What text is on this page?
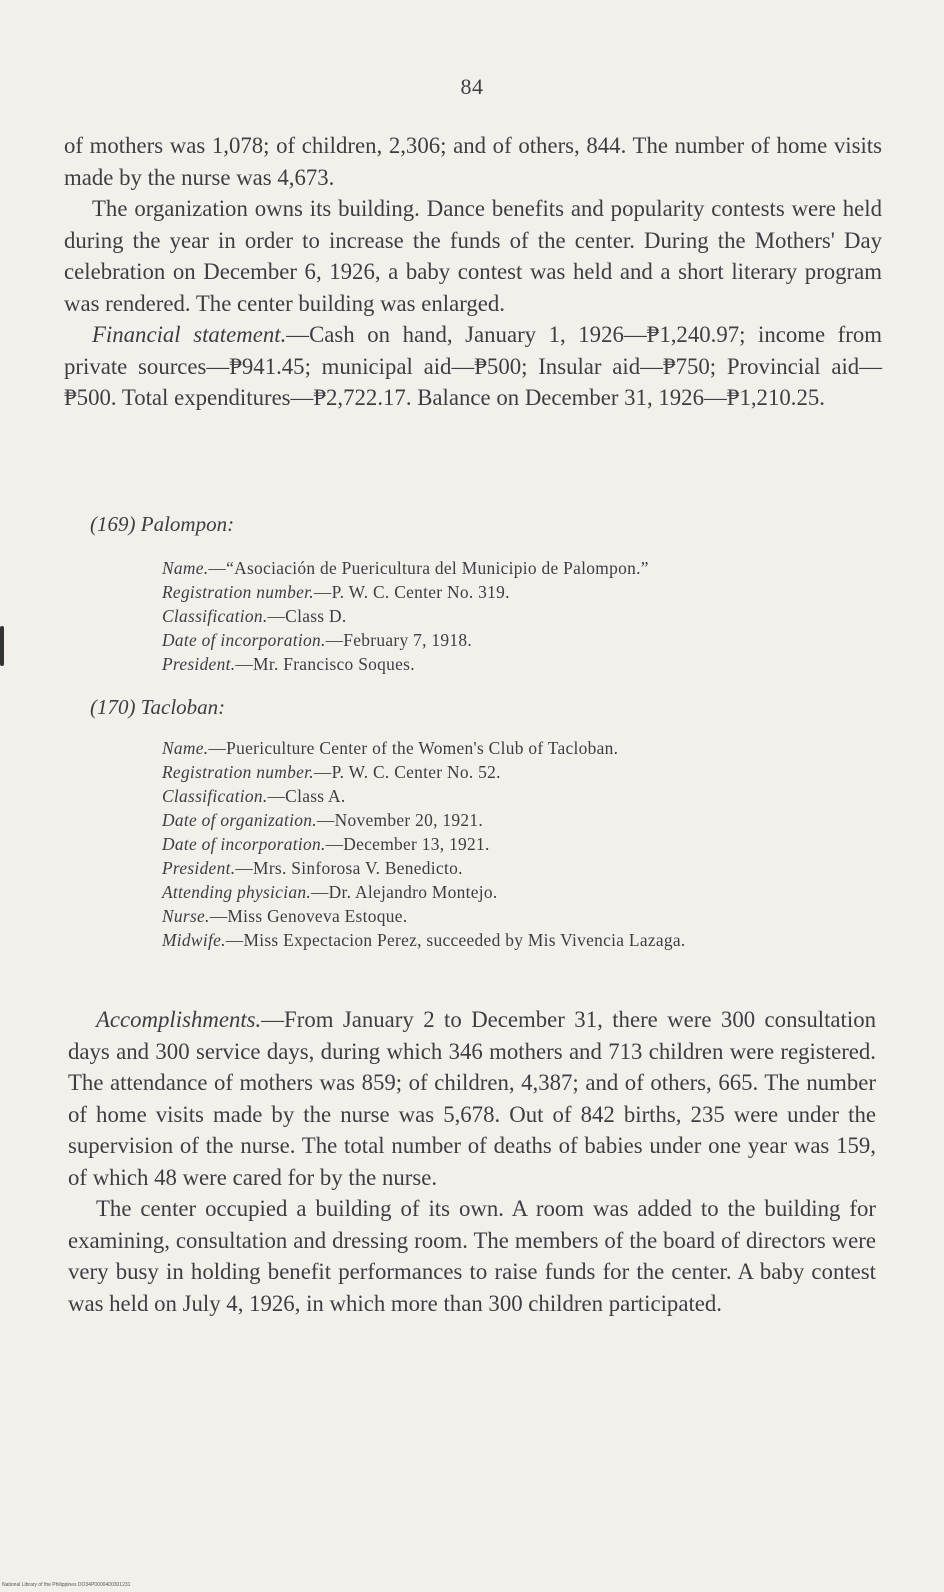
84

of mothers was 1,078; of children, 2,306; and of others, 844. The number of home visits made by the nurse was 4,673.

The organization owns its building. Dance benefits and popularity contests were held during the year in order to increase the funds of the center. During the Mothers' Day celebration on December 6, 1926, a baby contest was held and a short literary program was rendered. The center building was enlarged.

Financial statement.—Cash on hand, January 1, 1926—₱1,240.97; income from private sources—₱941.45; municipal aid—₱500; Insular aid—₱750; Provincial aid—₱500. Total expenditures—₱2,722.17. Balance on December 31, 1926—₱1,210.25.

(169) Palompon:

Name.—“Asociación de Puericultura del Municipio de Palompon.”

Registration number.—P. W. C. Center No. 319.

Classification.—Class D.

Date of incorporation.—February 7, 1918.

President.—Mr. Francisco Soques.

(170) Tacloban:

Name.—Puericulture Center of the Women's Club of Tacloban.

Registration number.—P. W. C. Center No. 52.

Classification.—Class A.

Date of organization.—November 20, 1921.

Date of incorporation.—December 13, 1921.

President.—Mrs. Sinforosa V. Benedicto.

Attending physician.—Dr. Alejandro Montejo.

Nurse.—Miss Genoveva Estoque.

Midwife.—Miss Expectacion Perez, succeeded by Mis Vivencia Lazaga.

Accomplishments.—From January 2 to December 31, there were 300 consultation days and 300 service days, during which 346 mothers and 713 children were registered. The attendance of mothers was 859; of children, 4,387; and of others, 665. The number of home visits made by the nurse was 5,678. Out of 842 births, 235 were under the supervision of the nurse. The total number of deaths of babies under one year was 159, of which 48 were cared for by the nurse.

The center occupied a building of its own. A room was added to the building for examining, consultation and dressing room. The members of the board of directors were very busy in holding benefit performances to raise funds for the center. A baby contest was held on July 4, 1926, in which more than 300 children participated.

National Library of the Philippines DO34P0000400301231
